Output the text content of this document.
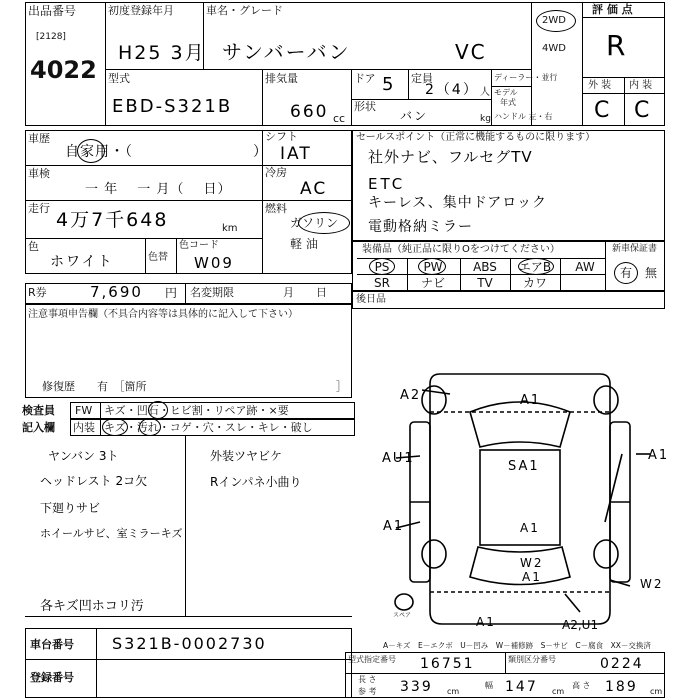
出品番号
[2128]
4022
初度登録年月
H25 3月
車名・グレード
サンバーバン	VC
2WD
4WD
評 価 点
R
外 装 内 装
C C
型式
EBD-S321B
排気量
660 cc
ドア 5 定員
2（4） 人
ディーラー・並行
モデル
年式
形状
バン	kg ハンドル 左・右
車歴
自家用・（　　　　　　　　）
シフト
IAT
車検
一 年 　一 月（ 　日）
冷房
AC
走行
4万7千648	km
燃料
ガソリン
軽 油
色
ホワイト	色替
色コード
W09
セールスポイント（正常に機能するものに限ります）
社外ナビ、フルセグTV
ETC
キーレス、集中ドアロック
電動格納ミラー
装備品（純正品に限りOをつけてください）
PS	PW	ABS	エアB	AW
SR	ナビ	TV	カワ
新車保証書
有 無
R券	7,690 円 名変期限	月　　日
後日品
注意事項申告欄（不具合内容等は具体的に記入して下さい）
修復歴　　有　［箇所	］
検査員
記入欄
FW キズ・凹石・ヒビ割・リペア跡・×要
内装 キズ・汚れ・コゲ・穴・スレ・キレ・破し
ヤンバン 3ト
ヘッドレスト 2コ欠
下廻りサビ
ホイールサビ、室ミラーキズ
外装ツヤビケ
Rインパネ小曲り
各キズ凹ホコリ汚
A2	A1
AU1	A1
SA1
A1	A1
W2
A1	W2
A1	A2,U1
スペア
A－キズ　E－エクボ　U－凹み　W－補修跡　S－サビ　C－腐食　XX－交換済
車台番号 S321B-0002730
登録番号
型式指定番号 16751	類別区分番号	0224
長 さ
参 考 339 cm
幅 147 cm
高 さ 189 cm
